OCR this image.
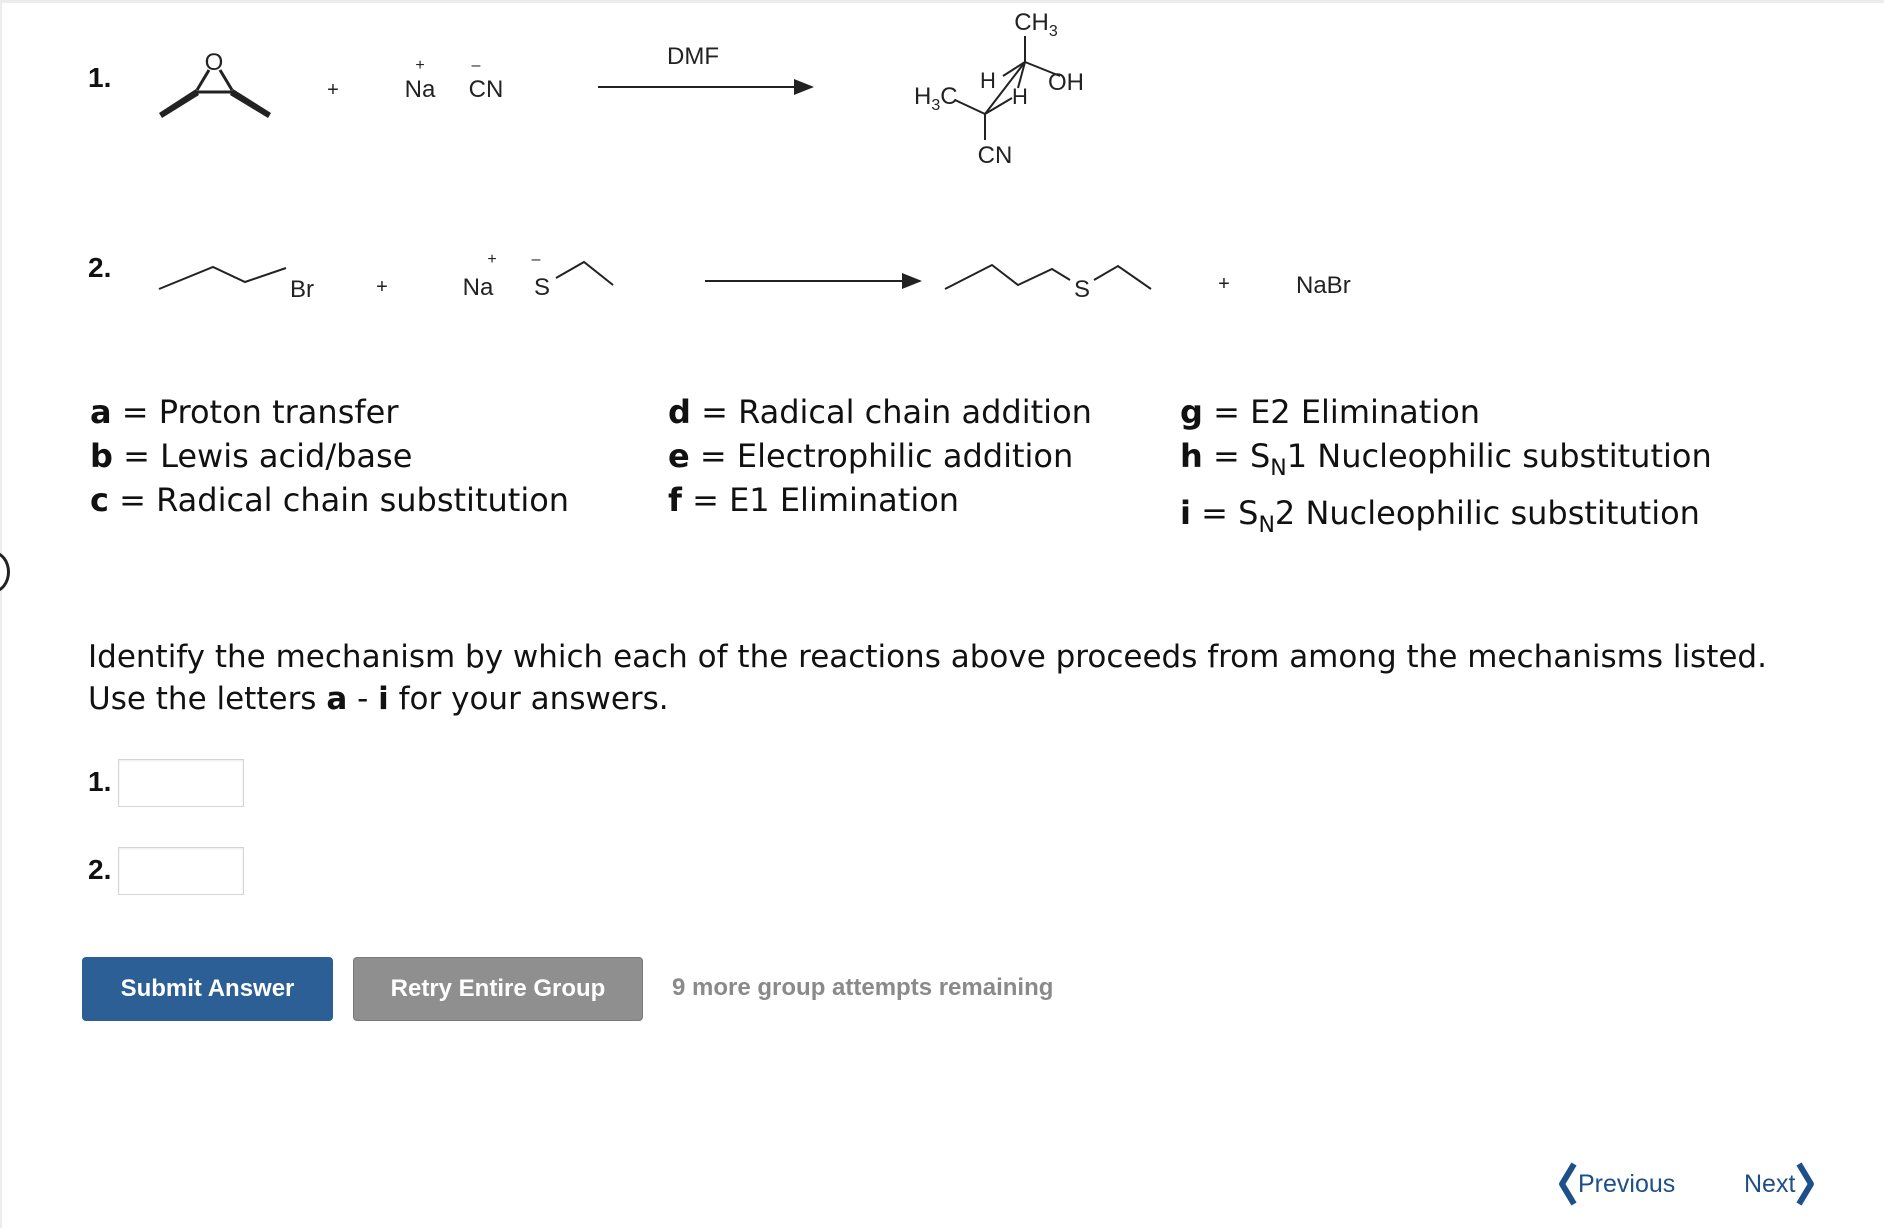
1.
2.
O
+
+
Na
–
CN
DMF
$CH_3$
$H_3C$
H OH
H
CN
Br	+
+
Na
–
S	S	+	NaBr
a = Proton transfer
b = Lewis acid/base
c = Radical chain substitution
d = Radical chain addition
e = Electrophilic addition
f = E1 Elimination
g = E2 Elimination
$h = S_N1$ Nucleophilic substitution
$i = S_N2$ Nucleophilic substitution
Identify the mechanism by which each of the reactions above proceeds from among the mechanisms listed. Use the letters a - i for your answers.
1.
2.
Submit Answer	Retry Entire Group	9 more group attempts remaining
Previous	Next
